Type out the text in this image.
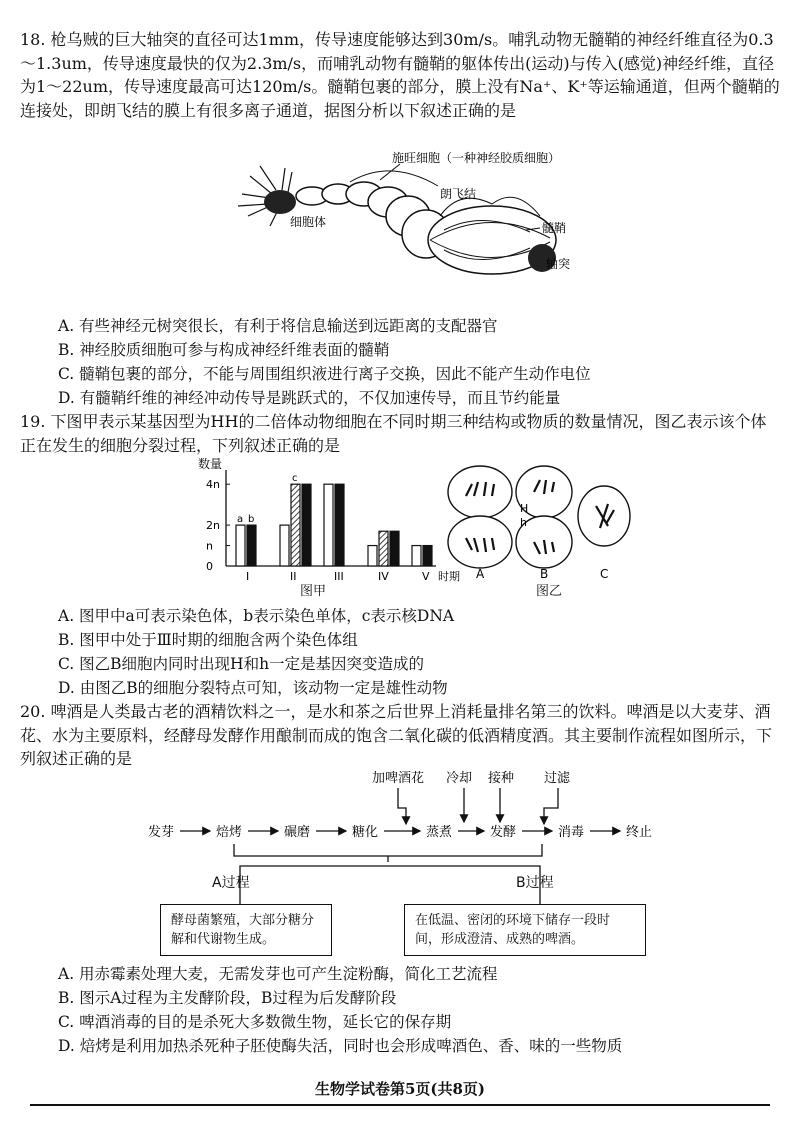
18. 枪乌贼的巨大轴突的直径可达1mm，传导速度能够达到30m/s。哺乳动物无髓鞘的神经纤维直径为0.3～1.3um，传导速度最快的仅为2.3m/s，而哺乳动物有髓鞘的躯体传出(运动)与传入(感觉)神经纤维，直径为1～22um，传导速度最高可达120m/s。髓鞘包裹的部分，膜上没有Na⁺、K⁺等运输通道，但两个髓鞘的连接处，即朗飞结的膜上有很多离子通道，据图分析以下叙述正确的是
施旺细胞（一种神经胶质细胞）
朗飞结
细胞体	髓鞘
轴突
A. 有些神经元树突很长，有利于将信息输送到远距离的支配器官
B. 神经胶质细胞可参与构成神经纤维表面的髓鞘
C. 髓鞘包裹的部分，不能与周围组织液进行离子交换，因此不能产生动作电位
D. 有髓鞘纤维的神经冲动传导是跳跃式的，不仅加速传导，而且节约能量
19. 下图甲表示某基因型为HH的二倍体动物细胞在不同时期三种结构或物质的数量情况，图乙表示该个体正在发生的细胞分裂过程，下列叙述正确的是
数量
0
n
2n
4n
I
a b
II
c
III	IV	V 时期
图甲
H
h
A	B	C
图乙
A. 图甲中a可表示染色体，b表示染色单体，c表示核DNA
B. 图甲中处于Ⅲ时期的细胞含两个染色体组
C. 图乙B细胞内同时出现H和h一定是基因突变造成的
D. 由图乙B的细胞分裂特点可知，该动物一定是雄性动物
20. 啤酒是人类最古老的酒精饮料之一，是水和茶之后世界上消耗量排名第三的饮料。啤酒是以大麦芽、酒花、水为主要原料，经酵母发酵作用酿制而成的饱含二氧化碳的低酒精度酒。其主要制作流程如图所示，下列叙述正确的是
发芽	焙烤	碾磨	糖化	蒸煮	发酵	消毒	终止
加啤酒花 冷却 接种 过滤
A过程	B过程
酵母菌繁殖，大部分糖分解和代谢物生成。
在低温、密闭的环境下储存一段时间，形成澄清、成熟的啤酒。
A. 用赤霉素处理大麦，无需发芽也可产生淀粉酶，简化工艺流程
B. 图示A过程为主发酵阶段，B过程为后发酵阶段
C. 啤酒消毒的目的是杀死大多数微生物，延长它的保存期
D. 焙烤是利用加热杀死种子胚使酶失活，同时也会形成啤酒色、香、味的一些物质
生物学试卷第5页(共8页)
